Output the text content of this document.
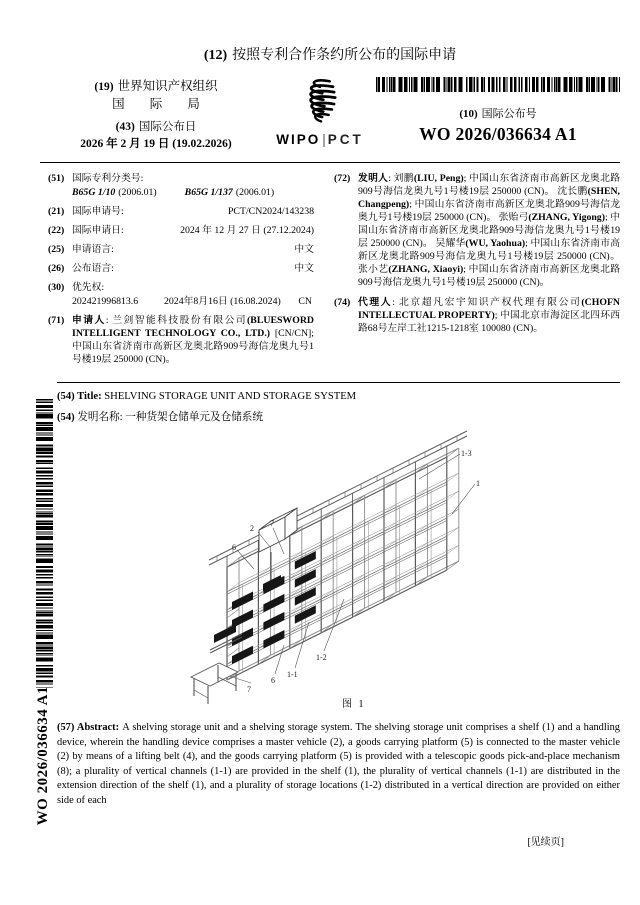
(12) 按照专利合作条约所公布的国际申请
(19) 世界知识产权组织
国 际 局
(43) 国际公布日
2026 年 2 月 19 日 (19.02.2026)	WIPO | PCT
(10) 国际公布号
WO 2026/036634 A1
(51) 国际专利分类号:
B65G 1/10 (2006.01)	B65G 1/137 (2006.01)
(21) 国际申请号:	PCT/CN2024/143238
(22) 国际申请日:	2024 年 12 月 27 日 (27.12.2024)
(25) 申请语言:	中文
(26) 公布语言:	中文
(30) 优先权:
202421996813.6	2024年8月16日 (16.08.2024) CN
(71) 申请人: 兰剑智能科技股份有限公司(BLUESWORD INTELLIGENT TECHNOLOGY CO., LTD.) [CN/CN]; 中国山东省济南市高新区龙奥北路909号海信龙奥九号1号楼19层 250000 (CN)。
(72) 发明人: 刘鹏(LIU, Peng); 中国山东省济南市高新区龙奥北路909号海信龙奥九号1号楼19层 250000 (CN)。 沈长鹏(SHEN, Changpeng); 中国山东省济南市高新区龙奥北路909号海信龙奥九号1号楼19层 250000 (CN)。 张贻弓(ZHANG, Yigong); 中国山东省济南市高新区龙奥北路909号海信龙奥九号1号楼19层 250000 (CN)。 吴耀华(WU, Yaohua); 中国山东省济南市高新区龙奥北路909号海信龙奥九号1号楼19层 250000 (CN)。 张小艺(ZHANG, Xiaoyi); 中国山东省济南市高新区龙奥北路909号海信龙奥九号1号楼19层 250000 (CN)。
(74) 代理人: 北京超凡宏宇知识产权代理有限公司(CHOFN INTELLECTUAL PROPERTY); 中国北京市海淀区北四环西路68号左岸工社1215-1218室 100080 (CN)。
(54) Title: SHELVING STORAGE UNIT AND STORAGE SYSTEM
(54) 发明名称: 一种货架仓储单元及仓储系统
1-3
1
2
7
6
1-2
1-1
6
7
图 1
(57) Abstract: A shelving storage unit and a shelving storage system. The shelving storage unit comprises a shelf (1) and a handling device, wherein the handling device comprises a master vehicle (2), a goods carrying platform (5) is connected to the master vehicle (2) by means of a lifting belt (4), and the goods carrying platform (5) is provided with a telescopic goods pick-and-place mechanism (8); a plurality of vertical channels (1-1) are provided in the shelf (1), the plurality of vertical channels (1-1) are distributed in the extension direction of the shelf (1), and a plurality of storage locations (1-2) distributed in a vertical direction are provided on either side of each
[见续页]
WO 2026/036634 A1
